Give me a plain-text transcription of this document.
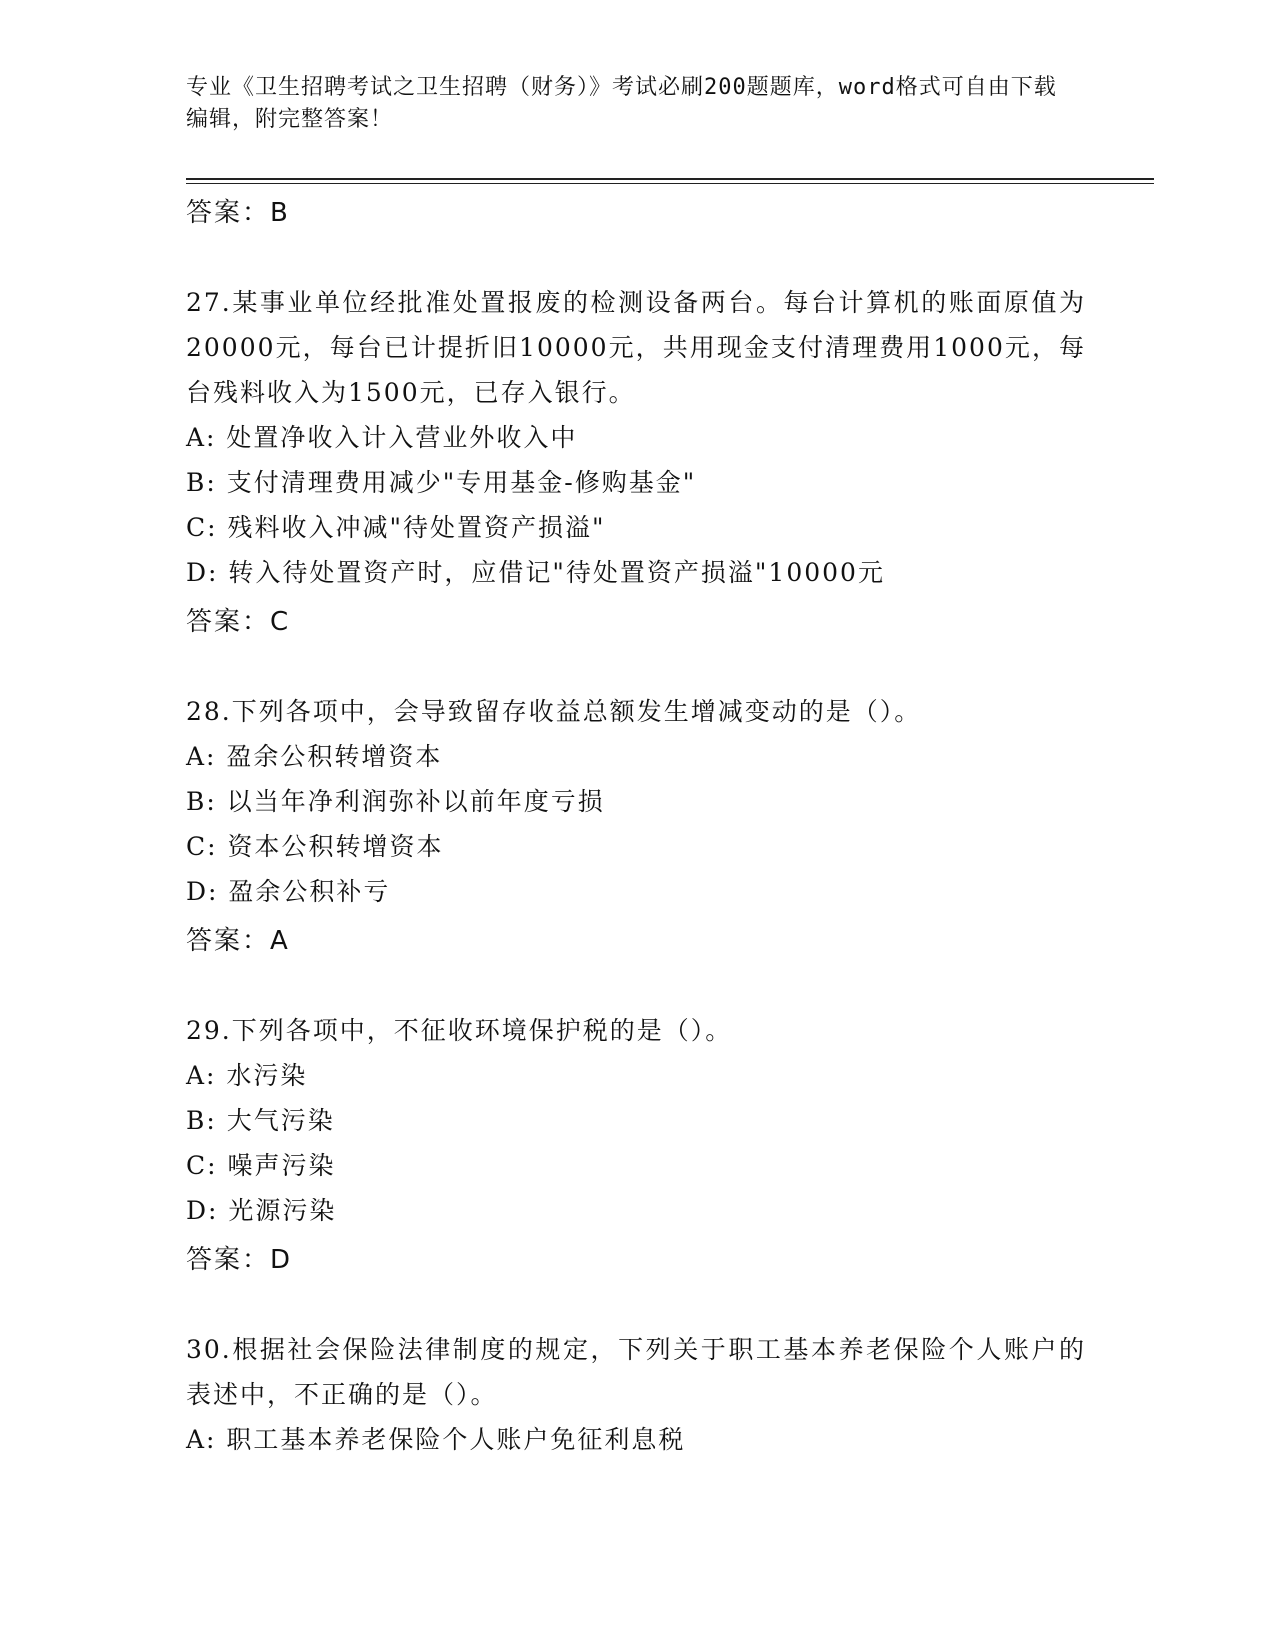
专业《卫生招聘考试之卫生招聘（财务）》考试必刷200题题库，word格式可自由下载编辑，附完整答案！
答案：B
27.某事业单位经批准处置报废的检测设备两台。每台计算机的账面原值为20000元，每台已计提折旧10000元，共用现金支付清理费用1000元，每台残料收入为1500元，已存入银行。
A: 处置净收入计入营业外收入中
B: 支付清理费用减少"专用基金-修购基金"
C: 残料收入冲减"待处置资产损溢"
D: 转入待处置资产时，应借记"待处置资产损溢"10000元
答案：C
28.下列各项中，会导致留存收益总额发生增减变动的是（）。
A: 盈余公积转增资本
B: 以当年净利润弥补以前年度亏损
C: 资本公积转增资本
D: 盈余公积补亏
答案：A
29.下列各项中，不征收环境保护税的是（）。
A: 水污染
B: 大气污染
C: 噪声污染
D: 光源污染
答案：D
30.根据社会保险法律制度的规定，下列关于职工基本养老保险个人账户的表述中，不正确的是（）。
A: 职工基本养老保险个人账户免征利息税
